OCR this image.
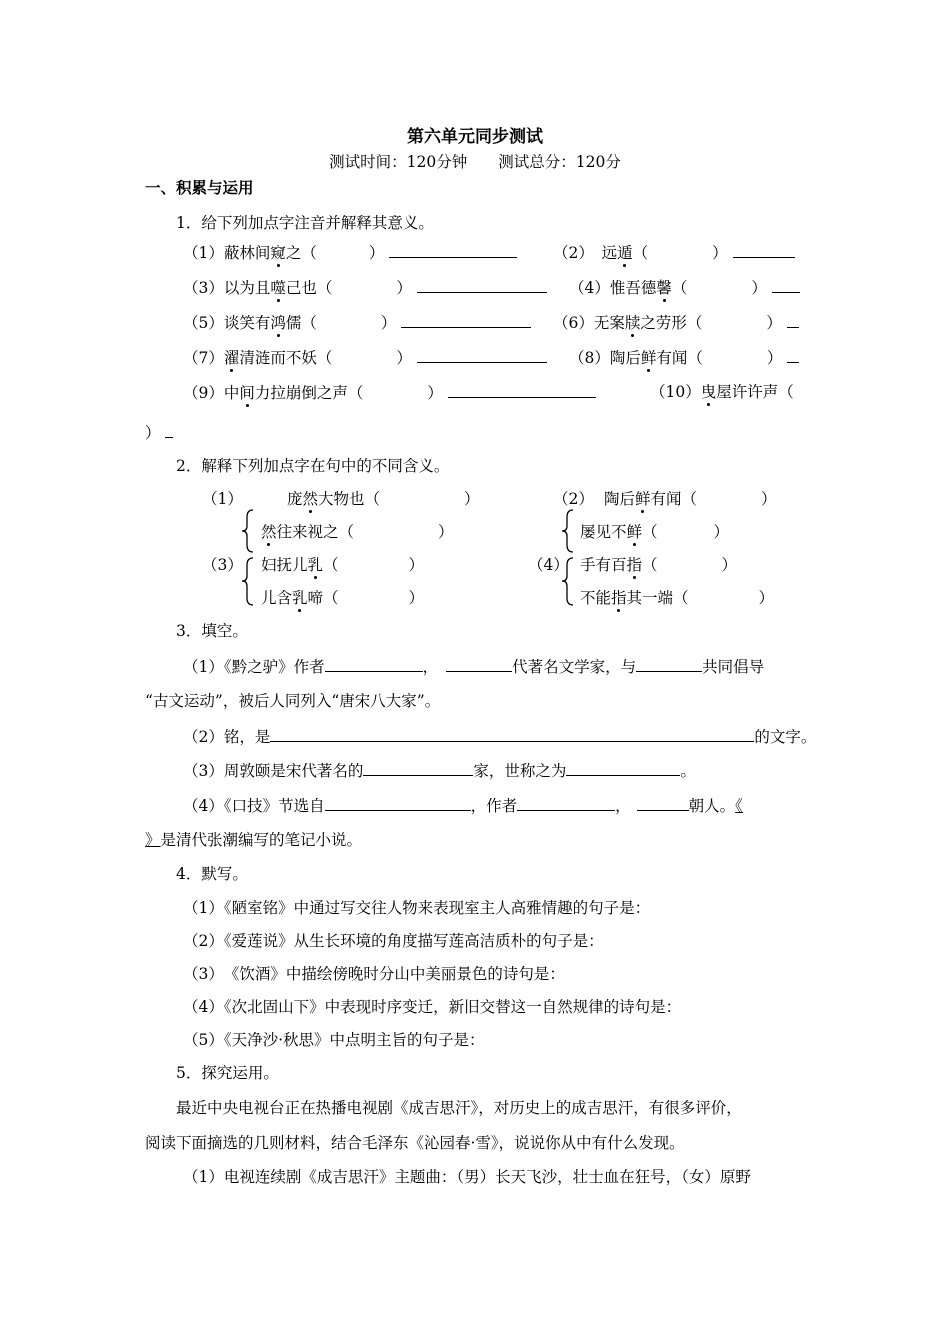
第六单元同步测试
测试时间：120分钟　　测试总分：120分
一、积累与运用
1．给下列加点字注音并解释其意义。
（1）蔽林间窥之（	）	（2）　远遁（	）
（3）以为且噬己也（	）	（4）惟吾德馨（	）
（5）谈笑有鸿儒（	）	（6）无案牍之劳形（	）
（7）濯清涟而不妖（	）	（8）陶后鲜有闻（	）
（9）中间力拉崩倒之声（	）	（10）曳屋许许声（
）
2．解释下列加点字在句中的不同含义。
（1）	庞然大物也（	）
然往来视之（	）
（2） 陶后鲜有闻（	）
屡见不鲜（	）
（3） 妇抚儿乳（	）
儿含乳啼（	）
（4） 手有百指（	）
不能指其一端（	）
3．填空。
（1）《黔之驴》作者	，	代著名文学家，与	共同倡导
“古文运动”，被后人同列入“唐宋八大家”。
（2）铭，是	的文字。
（3）周敦颐是宋代著名的	家，世称之为	。
（4）《口技》节选自	，作者	，	朝人。《
》是清代张潮编写的笔记小说。
4．默写。
（1）《陋室铭》中通过写交往人物来表现室主人高雅情趣的句子是：
（2）《爱莲说》从生长环境的角度描写莲高洁质朴的句子是：
（3）　《饮酒》中描绘傍晚时分山中美丽景色的诗句是：
（4）《次北固山下》中表现时序变迁，新旧交替这一自然规律的诗句是：
（5）《天净沙·秋思》中点明主旨的句子是：
5．探究运用。
最近中央电视台正在热播电视剧《成吉思汗》，对历史上的成吉思汗，有很多评价，
阅读下面摘选的几则材料，结合毛泽东《沁园春·雪》，说说你从中有什么发现。
（1）电视连续剧《成吉思汗》主题曲：（男）长天飞沙，壮士血在狂号，（女）原野
